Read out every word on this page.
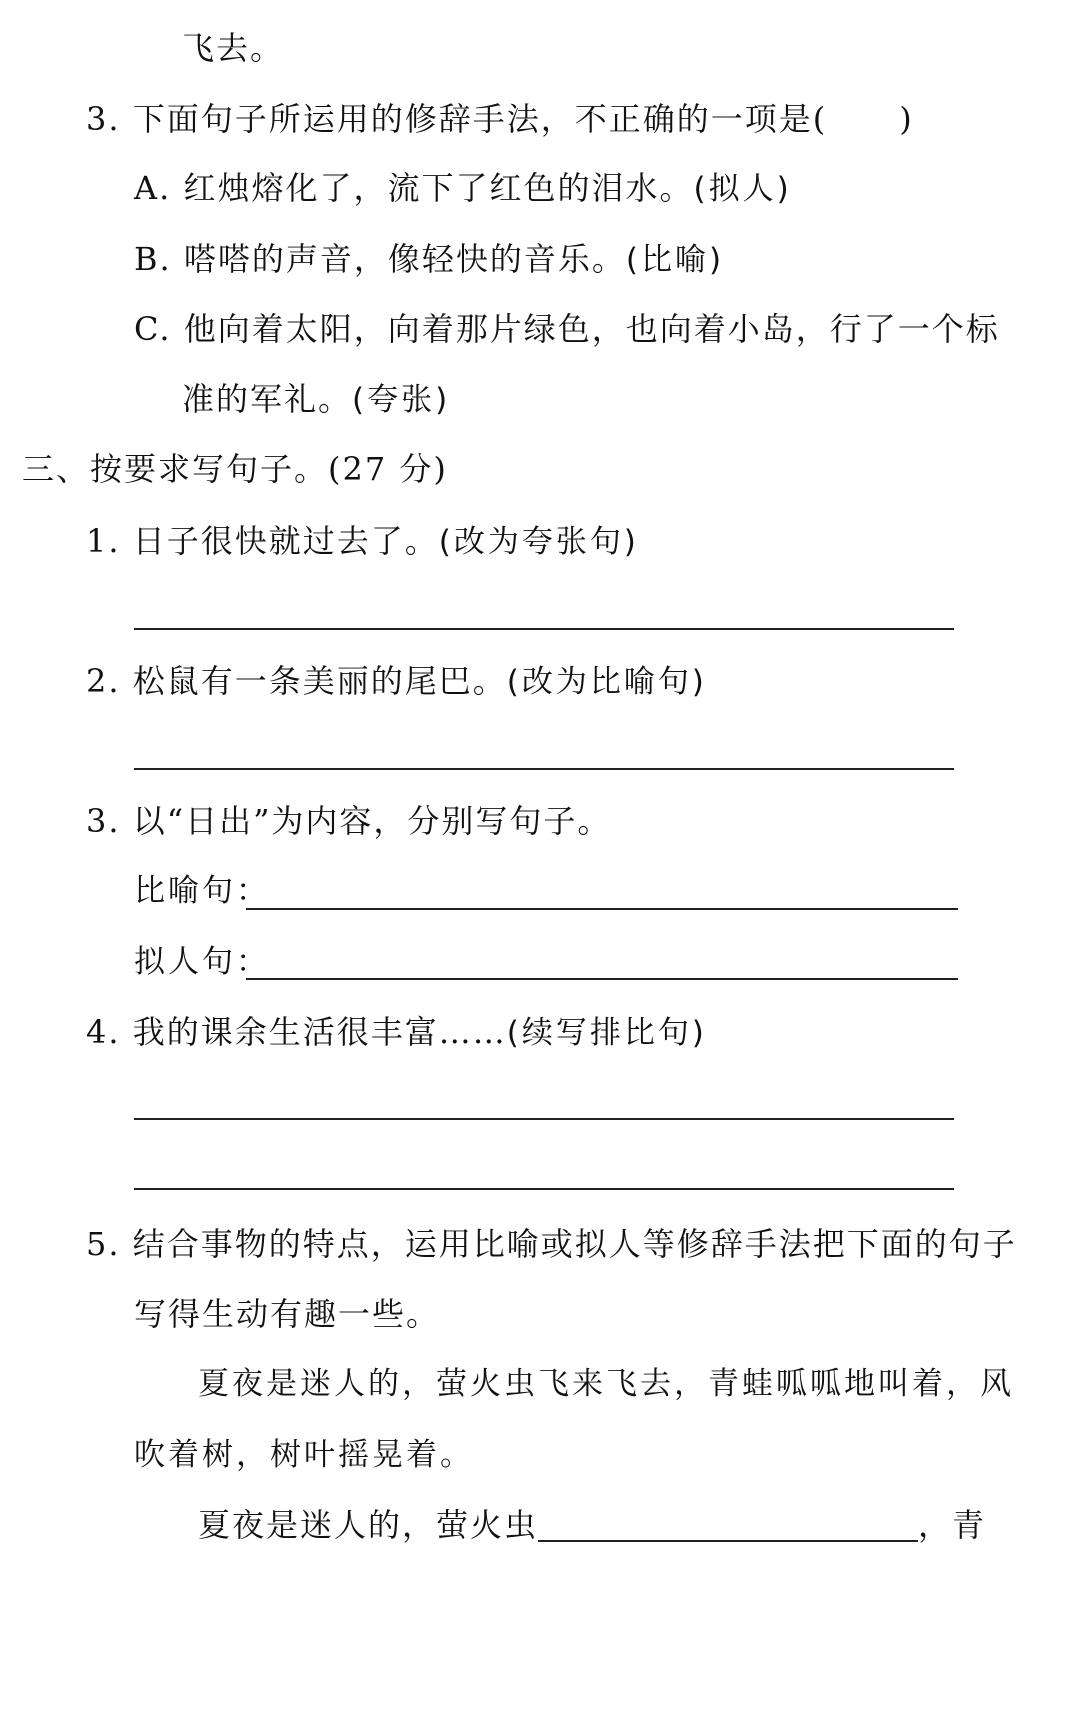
飞去。
3. 下面句子所运用的修辞手法，不正确的一项是( )
A. 红烛熔化了，流下了红色的泪水。(拟人)
B. 嗒嗒的声音，像轻快的音乐。(比喻)
C. 他向着太阳，向着那片绿色，也向着小岛，行了一个标
准的军礼。(夸张)
三、按要求写句子。(27 分)
1. 日子很快就过去了。(改为夸张句)
2. 松鼠有一条美丽的尾巴。(改为比喻句)
3. 以“日出”为内容，分别写句子。
比喻句：
拟人句：
4. 我的课余生活很丰富……(续写排比句)
5. 结合事物的特点，运用比喻或拟人等修辞手法把下面的句子
写得生动有趣一些。
夏夜是迷人的，萤火虫飞来飞去，青蛙呱呱地叫着，风
吹着树，树叶摇晃着。
夏夜是迷人的，萤火虫	，青
